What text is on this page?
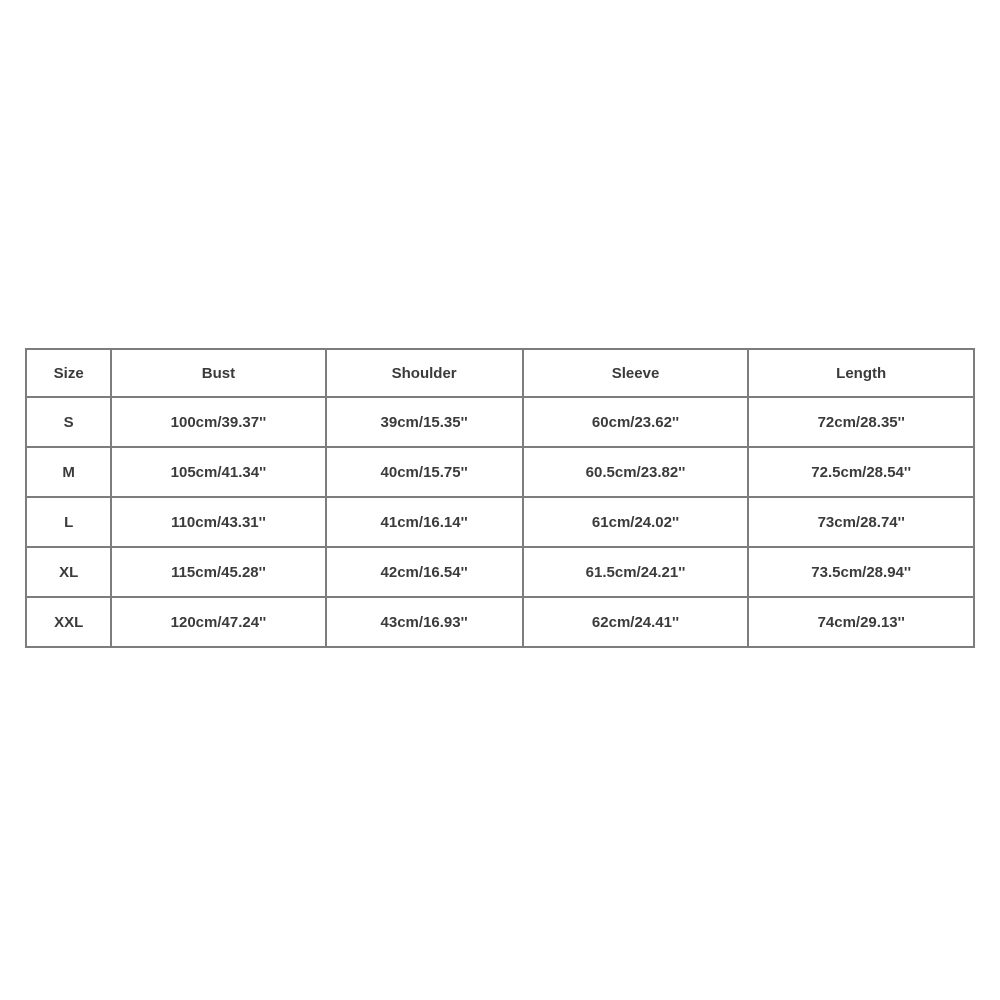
Size	Bust	Shoulder	Sleeve	Length
S	100cm/39.37''	39cm/15.35''	60cm/23.62''	72cm/28.35''
M	105cm/41.34''	40cm/15.75''	60.5cm/23.82''	72.5cm/28.54''
L	110cm/43.31''	41cm/16.14''	61cm/24.02''	73cm/28.74''
XL	115cm/45.28''	42cm/16.54''	61.5cm/24.21''	73.5cm/28.94''
XXL	120cm/47.24''	43cm/16.93''	62cm/24.41''	74cm/29.13''
